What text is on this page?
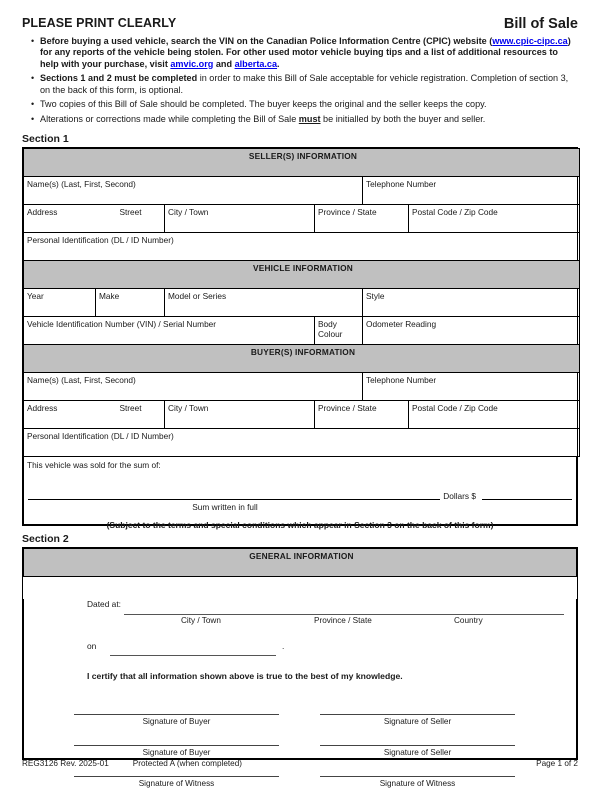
PLEASE PRINT CLEARLY	Bill of Sale
• Before buying a used vehicle, search the VIN on the Canadian Police Information Centre (CPIC) website (www.cpic-cipc.ca) for any reports of the vehicle being stolen. For other used motor vehicle buying tips and a list of additional resources to help with your purchase, visit amvic.org and alberta.ca.
• Sections 1 and 2 must be completed in order to make this Bill of Sale acceptable for vehicle registration. Completion of section 3, on the back of this form, is optional.
• Two copies of this Bill of Sale should be completed. The buyer keeps the original and the seller keeps the copy.
• Alterations or corrections made while completing the Bill of Sale must be initialled by both the buyer and seller.
Section 1
SELLER(S) INFORMATION					

Name(s) (Last, First, Second)				Telephone Number	

Address Street		City / Town	Province / State		Postal Code / Zip Code

Personal Identification (DL / ID Number)					

VEHICLE INFORMATION					

Year	Make	Model or Series		Style	

Vehicle Identification Number (VIN) / Serial Number			Body Colour	Odometer Reading	

BUYER(S) INFORMATION					

Name(s) (Last, First, Second)				Telephone Number	

Address Street		City / Town	Province / State		Postal Code / Zip Code

Personal Identification (DL / ID Number)					
This vehicle was sold for the sum of:
Dollars $
Sum written in full
(Subject to the terms and special conditions which appear in Section 3 on the back of this form)
Section 2
GENERAL INFORMATION
Dated at:
City / Town	Province / State	Country
on	.
I certify that all information shown above is true to the best of my knowledge.
Signature of Buyer	Signature of Seller
Signature of Buyer	Signature of Seller
Signature of Witness	Signature of Witness
REG3126 Rev. 2025-01	Protected A (when completed)	Page 1 of 2
